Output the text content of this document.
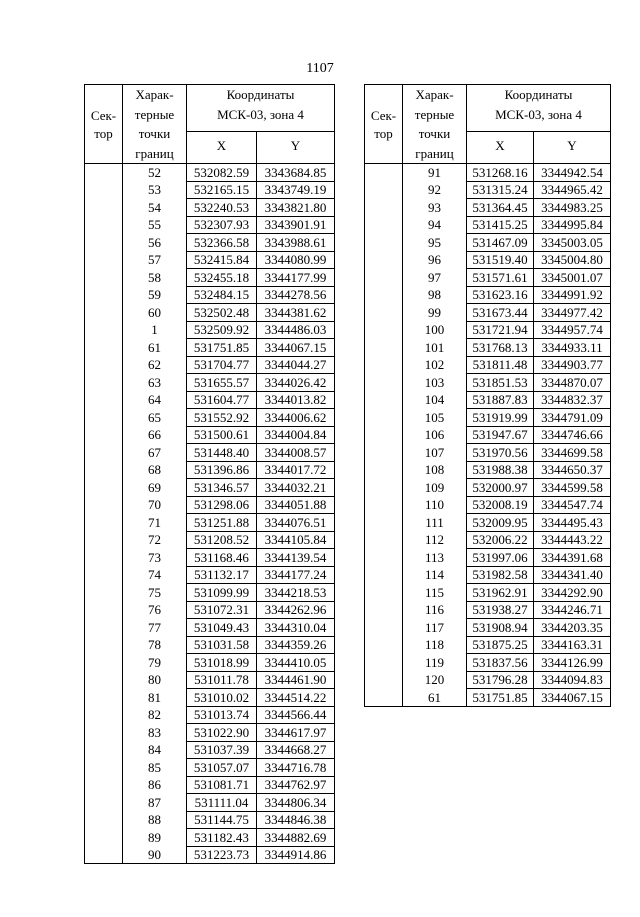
1107
Сек-
тор	Харак-
терные
точки
границ	Координаты
МСК-03, зона 4	
		X	Y
	52	532082.59	3343684.85
	53	532165.15	3343749.19
	54	532240.53	3343821.80
	55	532307.93	3343901.91
	56	532366.58	3343988.61
	57	532415.84	3344080.99
	58	532455.18	3344177.99
	59	532484.15	3344278.56
	60	532502.48	3344381.62
	1	532509.92	3344486.03
	61	531751.85	3344067.15
	62	531704.77	3344044.27
	63	531655.57	3344026.42
	64	531604.77	3344013.82
	65	531552.92	3344006.62
	66	531500.61	3344004.84
	67	531448.40	3344008.57
	68	531396.86	3344017.72
	69	531346.57	3344032.21
	70	531298.06	3344051.88
	71	531251.88	3344076.51
	72	531208.52	3344105.84
	73	531168.46	3344139.54
	74	531132.17	3344177.24
	75	531099.99	3344218.53
	76	531072.31	3344262.96
	77	531049.43	3344310.04
	78	531031.58	3344359.26
	79	531018.99	3344410.05
	80	531011.78	3344461.90
	81	531010.02	3344514.22
	82	531013.74	3344566.44
	83	531022.90	3344617.97
	84	531037.39	3344668.27
	85	531057.07	3344716.78
	86	531081.71	3344762.97
	87	531111.04	3344806.34
	88	531144.75	3344846.38
	89	531182.43	3344882.69
	90	531223.73	3344914.86
Сек-
тор	Харак-
терные
точки
границ	Координаты
МСК-03, зона 4	
		X	Y
	91	531268.16	3344942.54
	92	531315.24	3344965.42
	93	531364.45	3344983.25
	94	531415.25	3344995.84
	95	531467.09	3345003.05
	96	531519.40	3345004.80
	97	531571.61	3345001.07
	98	531623.16	3344991.92
	99	531673.44	3344977.42
	100	531721.94	3344957.74
	101	531768.13	3344933.11
	102	531811.48	3344903.77
	103	531851.53	3344870.07
	104	531887.83	3344832.37
	105	531919.99	3344791.09
	106	531947.67	3344746.66
	107	531970.56	3344699.58
	108	531988.38	3344650.37
	109	532000.97	3344599.58
	110	532008.19	3344547.74
	111	532009.95	3344495.43
	112	532006.22	3344443.22
	113	531997.06	3344391.68
	114	531982.58	3344341.40
	115	531962.91	3344292.90
	116	531938.27	3344246.71
	117	531908.94	3344203.35
	118	531875.25	3344163.31
	119	531837.56	3344126.99
	120	531796.28	3344094.83
	61	531751.85	3344067.15
